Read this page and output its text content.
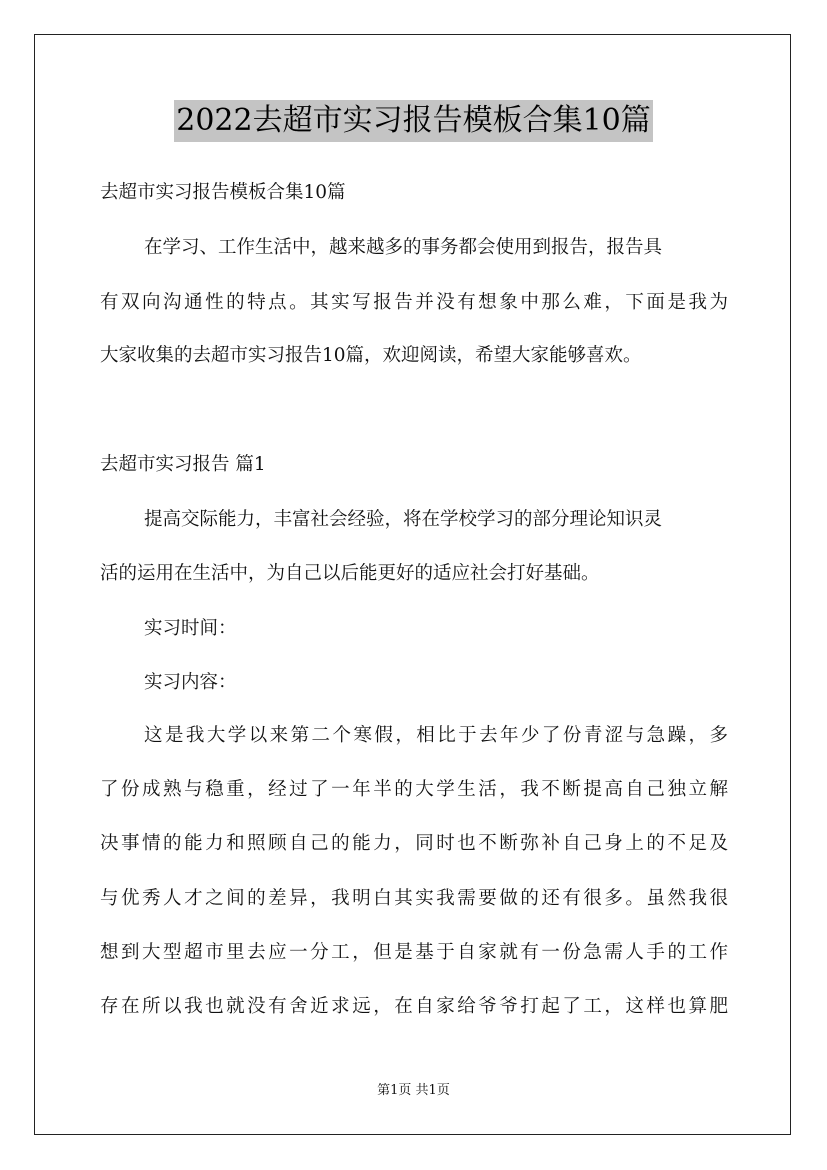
2022去超市实习报告模板合集10篇
去超市实习报告模板合集10篇
在学习、工作生活中，越来越多的事务都会使用到报告，报告具
有双向沟通性的特点。其实写报告并没有想象中那么难，下面是我为
大家收集的去超市实习报告10篇，欢迎阅读，希望大家能够喜欢。
去超市实习报告 篇1
提高交际能力，丰富社会经验，将在学校学习的部分理论知识灵
活的运用在生活中，为自己以后能更好的适应社会打好基础。
实习时间：
实习内容：
这是我大学以来第二个寒假，相比于去年少了份青涩与急躁，多
了份成熟与稳重，经过了一年半的大学生活，我不断提高自己独立解
决事情的能力和照顾自己的能力，同时也不断弥补自己身上的不足及
与优秀人才之间的差异，我明白其实我需要做的还有很多。虽然我很
想到大型超市里去应一分工，但是基于自家就有一份急需人手的工作
存在所以我也就没有舍近求远，在自家给爷爷打起了工，这样也算肥
第1页 共1页
